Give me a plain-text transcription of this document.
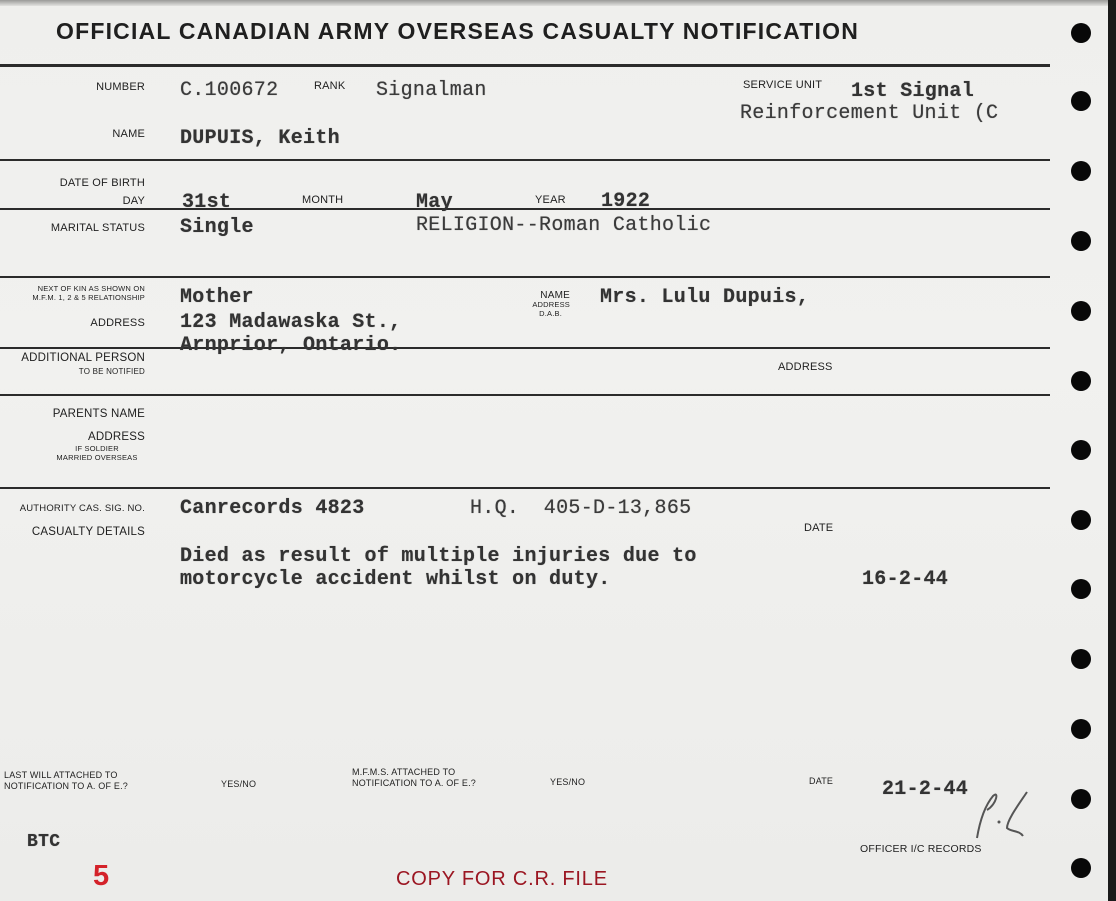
OFFICIAL CANADIAN ARMY OVERSEAS CASUALTY NOTIFICATION
NUMBER C.100672	RANK Signalman	SERVICE UNIT 1st Signal
Reinforcement Unit (C
NAME DUPUIS, Keith
DATE OF BIRTH
DAY 31st	MONTH	May	YEAR 1922
MARITAL STATUS Single	RELIGION--Roman Catholic
NEXT OF KIN AS SHOWN ON
M.F.M. 1, 2 & 5 RELATIONSHIP Mother	NAME
ADDRESS
D.A.B.
Mrs. Lulu Dupuis,
ADDRESS 123 Madawaska St.,
Arnprior, Ontario.
ADDITIONAL PERSON
TO BE NOTIFIED	ADDRESS
PARENTS NAME
ADDRESS
IF SOLDIER
MARRIED OVERSEAS
AUTHORITY CAS. SIG. NO. Canrecords 4823	H.Q.  405-D-13,865
CASUALTY DETAILS	DATE
Died as result of multiple injuries due to
motorcycle accident whilst on duty.	16-2-44
LAST WILL ATTACHED TO
NOTIFICATION TO A. OF E.?	YES/NO
M.F.M.S. ATTACHED TO
NOTIFICATION TO A. OF E.?	YES/NO	DATE 21-2-44
OFFICER I/C RECORDS
BTC
5	COPY FOR C.R. FILE
